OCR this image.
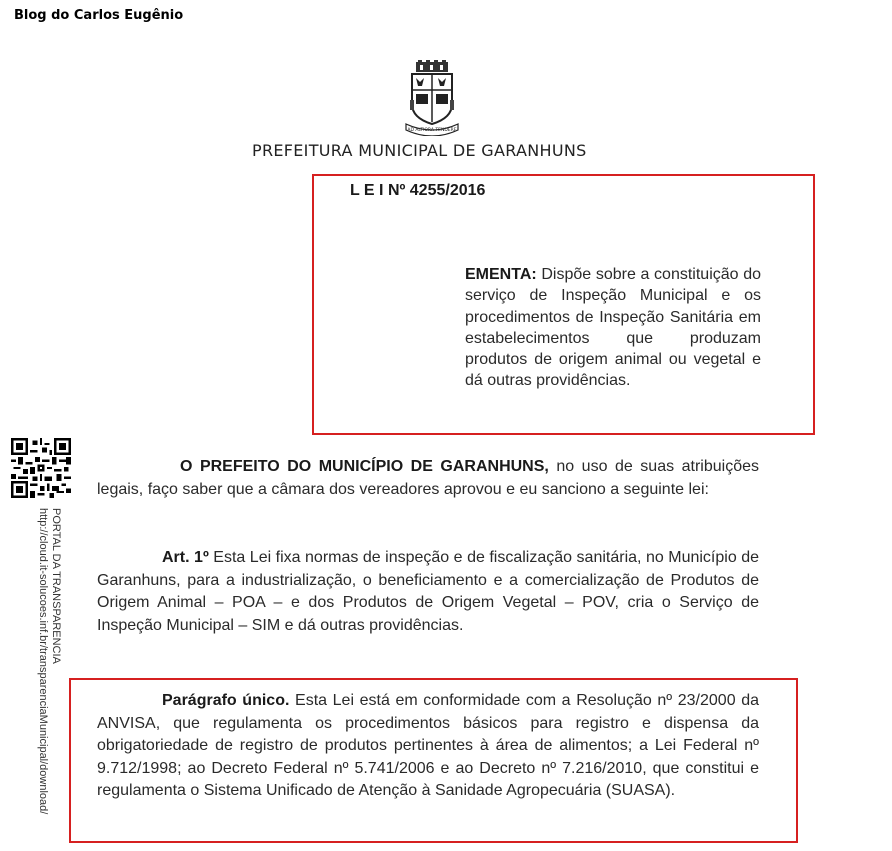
Blog do Carlos Eugênio
AD ALTIORA TENDERE
PREFEITURA MUNICIPAL DE GARANHUNS
L E I Nº 4255/2016
EMENTA: Dispõe sobre a constituição do serviço de Inspeção Municipal e os procedimentos de Inspeção Sanitária em estabelecimentos que produzam produtos de origem animal ou vegetal e dá outras providências.
O PREFEITO DO MUNICÍPIO DE GARANHUNS, no uso de suas atribuições legais, faço saber que a câmara dos vereadores aprovou e eu sanciono a seguinte lei:
Art. 1º Esta Lei fixa normas de inspeção e de fiscalização sanitária, no Município de Garanhuns, para a industrialização, o beneficiamento e a comercialização de Produtos de Origem Animal – POA – e dos Produtos de Origem Vegetal – POV, cria o Serviço de Inspeção Municipal – SIM e dá outras providências.
Parágrafo único. Esta Lei está em conformidade com a Resolução nº 23/2000 da ANVISA, que regulamenta os procedimentos básicos para registro e dispensa da obrigatoriedade de registro de produtos pertinentes à área de alimentos; a Lei Federal nº 9.712/1998; ao Decreto Federal nº 5.741/2006 e ao Decreto nº 7.216/2010, que constitui e regulamenta o Sistema Unificado de Atenção à Sanidade Agropecuária (SUASA).
PORTAL DA TRANSPARENCIA
http://cloud.it-solucoes.inf.br/transparenciaMunicipal/download/
